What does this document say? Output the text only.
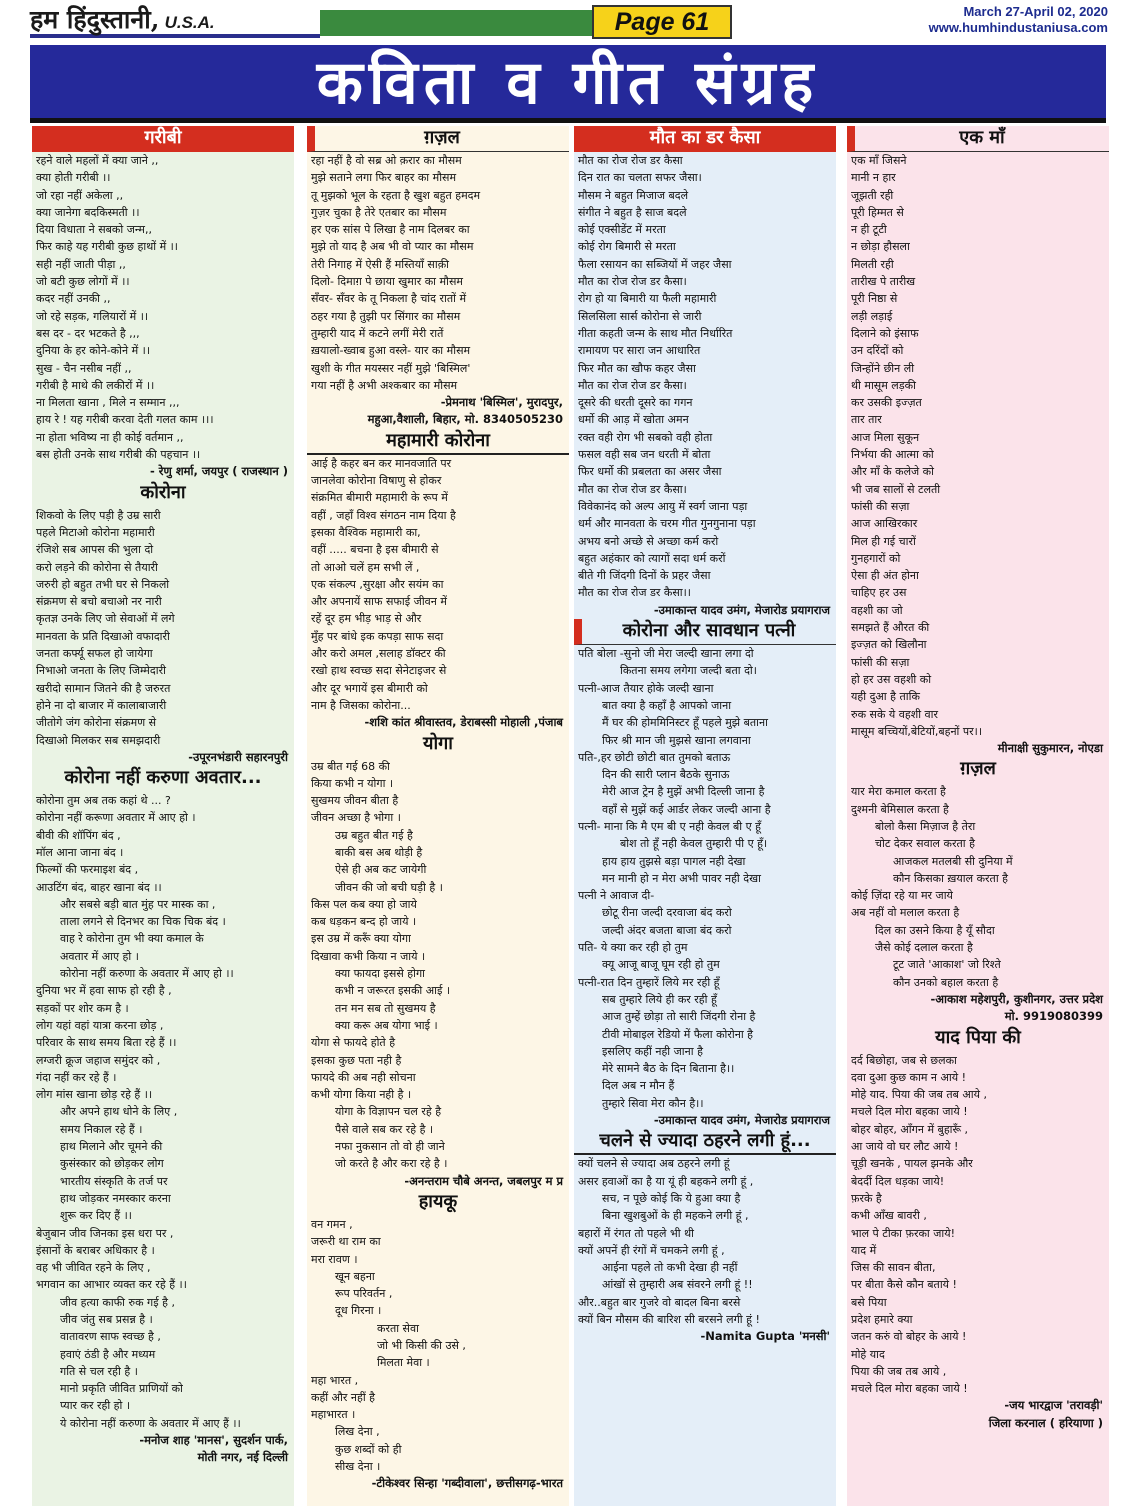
हम हिंदुस्तानी, U.S.A.	Page 61	March 27-April 02, 2020
www.humhindustaniusa.com
कविता व गीत संग्रह
गरीबी
रहने वाले महलों में क्या जाने ,,
क्या होती गरीबी ।।
जो रहा नहीं अकेला ,,
क्या जानेगा बदकिस्मती ।।
दिया विधाता ने सबको जन्म,,
फिर काहे यह गरीबी कुछ हाथों में ।।
सही नहीं जाती पीड़ा ,,
जो बटी कुछ लोगों में ।।
कदर नहीं उनकी ,,
जो रहे सड़क, गलियारों में ।।
बस दर - दर भटकते है ,,,
दुनिया के हर कोने-कोने में ।।
सुख - चैन नसीब नहीं ,,
गरीबी है माथे की लकीरों में ।।
ना मिलता खाना , मिले न सम्मान ,,,
हाय रे ! यह गरीबी करवा देती गलत काम ।।।
ना होता भविष्य ना ही कोई वर्तमान ,,
बस होती उनके साथ गरीबी की पहचान ।।
- रेणु शर्मा, जयपुर ( राजस्थान )
कोरोना
शिकवो के लिए पड़ी है उम्र सारी
पहले मिटाओ कोरोना महामारी
रंजिशे सब आपस की भुला दो
करो लड़ने की कोरोना से तैयारी
जरुरी हो बहुत तभी घर से निकलो
संक्रमण से बचो बचाओ नर नारी
कृतज्ञ उनके लिए जो सेवाओं में लगे
मानवता के प्रति दिखाओ वफादारी
जनता कर्फ्यू सफल हो जायेगा
निभाओ जनता के लिए जिम्मेदारी
खरीदो सामान जितने की है जरुरत
होने ना दो बाजार में कालाबाजारी
जीतोगे जंग कोरोना संक्रमण से
दिखाओ मिलकर सब समझदारी
-उपूरनभंडारी सहारनपुरी
कोरोना नहीं करुणा अवतार...
कोरोना तुम अब तक कहां थे ... ?
कोरोना नहीं करूणा अवतार में आए हो ।
बीवी की शॉपिंग बंद ,
मॉल आना जाना बंद ।
फिल्मों की फरमाइश बंद ,
आउटिंग बंद, बाहर खाना बंद ।।
और सबसे बड़ी बात मुंह पर मास्क का ,
ताला लगने से दिनभर का चिक चिक बंद ।
वाह रे कोरोना तुम भी क्या कमाल के
अवतार में आए हो ।
कोरोना नहीं करुणा के अवतार में आए हो ।।
दुनिया भर में हवा साफ हो रही है ,
सड़कों पर शोर कम है ।
लोग यहां वहां यात्रा करना छोड़ ,
परिवार के साथ समय बिता रहे हैं ।।
लग्जरी क्रूज जहाज समुंदर को ,
गंदा नहीं कर रहे हैं ।
लोग मांस खाना छोड़ रहे हैं ।।
और अपने हाथ धोने के लिए ,
समय निकाल रहे हैं ।
हाथ मिलाने और चूमने की
कुसंस्कार को छोड़कर लोग
भारतीय संस्कृति के तर्ज पर
हाथ जोड़कर नमस्कार करना
शुरू कर दिए हैं ।।
बेजुबान जीव जिनका इस धरा पर ,
इंसानों के बराबर अधिकार है ।
वह भी जीवित रहने के लिए ,
भगवान का आभार व्यक्त कर रहे हैं ।।
जीव हत्या काफी रुक गई है ,
जीव जंतु सब प्रसन्न है ।
वातावरण साफ स्वच्छ है ,
हवाएं ठंडी है और मध्यम
गति से चल रही है ।
मानो प्रकृति जीवित प्राणियों को
प्यार कर रही हो ।
ये कोरोना नहीं करुणा के अवतार में आए हैं ।।
-मनोज शाह 'मानस', सुदर्शन पार्क,
मोती नगर, नई दिल्ली
ग़ज़ल
रहा नहीं है वो सब्र ओ क़रार का मौसम
मुझे सताने लगा फिर बाहर का मौसम
तू मुझको भूल के रहता है खुश बहुत हमदम
गुज़र चुका है तेरे एतबार का मौसम
हर एक सांस पे लिखा है नाम दिलबर का
मुझे तो याद है अब भी वो प्यार का मौसम
तेरी निगाह में ऐसी हैं मस्तियाँ साक़ी
दिलो- दिमाग़ पे छाया खुमार का मौसम
सँवर- सँवर के तू निकला है चांद रातों में
ठहर गया है तुझी पर सिंगार का मौसम
तुम्हारी याद में कटने लगीं मेरी रातें
ख़यालो-ख्वाब हुआ वस्ले- यार का मौसम
खुशी के गीत मयस्सर नहीं मुझे 'बिस्मिल'
गया नहीं है अभी अश्कबार का मौसम
-प्रेमनाथ 'बिस्मिल', मुरादपुर,
महुआ,वैशाली, बिहार, मो. 8340505230
महामारी कोरोना
आई है कहर बन कर मानवजाति पर
जानलेवा कोरोना विषाणु से होकर
संक्रमित बीमारी महामारी के रूप में
वहीं , जहाँ विश्व संगठन नाम दिया है
इसका वैश्विक महामारी का,
वहीं ..... बचना है इस बीमारी से
तो आओ चलें हम सभी लें ,
एक संकल्प ,सुरक्षा और सयंम का
और अपनायें साफ सफाई जीवन में
रहें दूर हम भीड़ भाड़ से और
मुँह पर बांधे इक कपड़ा साफ सदा
और करो अमल ,सलाह डॉक्टर की
रखो हाथ स्वच्छ सदा सेनेटाइजर से
और दूर भगायें इस बीमारी को
नाम है जिसका कोरोना...
-शशि कांत श्रीवास्तव, डेराबस्सी मोहाली ,पंजाब
योगा
उम्र बीत गई 68 की
किया कभी न योगा ।
सुखमय जीवन बीता है
जीवन अच्छा है भोगा ।
उम्र बहुत बीत गई है
बाकी बस अब थोड़ी है
ऐसे ही अब कट जायेगी
जीवन की जो बची घड़ी है ।
किस पल कब क्या हो जाये
कब धड़कन बन्द हो जाये ।
इस उम्र में करूँ क्या योगा
दिखावा कभी किया न जाये ।
क्या फायदा इससे होगा
कभी न जरूरत इसकी आई ।
तन मन सब तो सुखमय है
क्या करू अब योगा भाई ।
योगा से फायदे होते है
इसका कुछ पता नही है
फायदे की अब नही सोचना
कभी योगा किया नही है ।
योगा के विज्ञापन चल रहे है
पैसे वाले सब कर रहे है ।
नफा नुकसान तो वो ही जाने
जो करते है और करा रहे है ।
-अनन्तराम चौबे अनन्त, जबलपुर म प्र
हायकू
वन गमन ,
जरूरी था राम का
मरा रावण ।
खून बहना
रूप परिवर्तन ,
दूध गिरना ।
करता सेवा
जो भी किसी की उसे ,
मिलता मेवा ।
महा भारत ,
कहीं और नहीं है
महाभारत ।
लिख देना ,
कुछ शब्दों को ही
सीख देना ।
-टीकेश्वर सिन्हा 'गब्दीवाला', छत्तीसगढ़-भारत
मौत का डर कैसा
मौत का रोज रोज डर कैसा
दिन रात का चलता सफर जैसा।
मौसम ने बहुत मिजाज बदले
संगीत ने बहुत है साज बदले
कोई एक्सीडेंट में मरता
कोई रोग बिमारी से मरता
फैला रसायन का सब्जियों में जहर जैसा
मौत का रोज रोज डर कैसा।
रोग हो या बिमारी या फैली महामारी
सिलसिला सार्स कोरोना से जारी
गीता कहती जन्म के साथ मौत निर्धारित
रामायण पर सारा जन आधारित
फिर मौत का खौफ कहर जैसा
मौत का रोज रोज डर कैसा।
दूसरे की धरती दूसरे का गगन
धर्मो की आड़ में खोता अमन
रक्त वही रोग भी सबको वही होता
फसल वही सब जन धरती में बोता
फिर धर्मो की प्रबलता का असर जैसा
मौत का रोज रोज डर कैसा।
विवेकानंद को अल्प आयु में स्वर्ग जाना पड़ा
धर्म और मानवता के चरम गीत गुनगुनाना पड़ा
अभय बनो अच्छे से अच्छा कर्म करो
बहुत अहंकार को त्यागों सदा धर्म करों
बीते गी जिंदगी दिनों के प्रहर जैसा
मौत का रोज रोज डर कैसा।।
-उमाकान्त यादव उमंग, मेजारोड प्रयागराज
कोरोना और सावधान पत्नी
पति बोला -सुनो जी मेरा जल्दी खाना लगा दो
कितना समय लगेगा जल्दी बता दो।
पत्नी-आज तैयार होके जल्दी खाना
बात क्या है कहाँ है आपको जाना
मैं घर की होममिनिस्टर हूँ पहले मुझे बताना
फिर श्री मान जी मुझसे खाना लगवाना
पति-,हर छोटी छोटी बात तुमको बताऊ
दिन की सारी प्लान बैठके सुनाऊ
मेरी आज ट्रेन है मुझें अभी दिल्ली जाना है
वहाँ से मुझें कई आर्डर लेकर जल्दी आना है
पत्नी- माना कि मै एम बी ए नही केवल बी ए हूँ
बोश तो हूँ नही केवल तुम्हारी पी ए हूँ।
हाय हाय तुझसे बड़ा पागल नही देखा
मन मानी हो न मेरा अभी पावर नही देखा
पत्नी ने आवाज दी-
छोटू रीना जल्दी दरवाजा बंद करो
जल्दी अंदर बजता बाजा बंद करो
पति- ये क्या कर रही हो तुम
क्यू आजू बाजू घूम रही हो तुम
पत्नी-रात दिन तुम्हारें लिये मर रही हूँ
सब तुम्हारे लिये ही कर रही हूँ
आज तुम्हें छोड़ा तो सारी जिंदगी रोना है
टीवी मोबाइल रेडियो में फैला कोरोना है
इसलिए कहीं नही जाना है
मेरे सामने बैठ के दिन बिताना है।।
दिल अब न मौन हैं
तुम्हारे सिवा मेरा कौन है।।
-उमाकान्त यादव उमंग, मेजारोड प्रयागराज
चलने से ज्यादा ठहरने लगी हूं...
क्यों चलने से ज्यादा अब ठहरने लगी हूं
असर हवाओं का है या यूं ही बहकने लगी हूं ,
सच, न पूछे कोई कि ये हुआ क्या है
बिना खुशबुओं के ही महकने लगी हूं ,
बहारों में रंगत तो पहले भी थी
क्यों अपनें ही रंगों में चमकने लगी हूं ,
आईना पहले तो कभी देखा ही नहीं
आंखों से तुम्हारी अब संवरने लगी हूं !!
और..बहुत बार गुजरे वो बादल बिना बरसे
क्यों बिन मौसम की बारिश सी बरसने लगी हूं !
-Namita Gupta 'मनसी'
एक माँ
एक माँ जिसने
मानी न हार
जूझती रही
पूरी हिम्मत से
न ही टूटी
न छोड़ा हौसला
मिलती रही
तारीख पे तारीख
पूरी निष्ठा से
लड़ी लड़ाई
दिलाने को इंसाफ
उन दरिंदों को
जिन्होंने छीन ली
थी मासूम लड़की
कर उसकी इज्ज़त
तार तार
आज मिला सुकून
निर्भया की आत्मा को
और माँ के कलेजे को
भी जब सालों से टलती
फांसी की सज़ा
आज आखिरकार
मिल ही गई चारों
गुनहगारों को
ऐसा ही अंत होना
चाहिए हर उस
वहशी का जो
समझते हैं औरत की
इज्ज़त को खिलौना
फांसी की सज़ा
हो हर उस वहशी को
यही दुआ है ताकि
रुक सके ये वहशी वार
मासूम बच्चियों,बेटियों,बहनों पर।।
मीनाक्षी सुकुमारन, नोएडा
ग़ज़ल
यार मेरा कमाल करता है
दुश्मनी बेमिसाल करता है
बोलो कैसा मिज़ाज है तेरा
चोट देकर सवाल करता है
आजकल मतलबी सी दुनिया में
कौन किसका ख़याल करता है
कोई ज़िंदा रहे या मर जाये
अब नहीं वो मलाल करता है
दिल का उसने किया है यूँ सौदा
जैसे कोई दलाल करता है
टूट जाते 'आकाश' जो रिश्ते
कौन उनको बहाल करता है
-आकाश महेशपुरी, कुशीनगर, उत्तर प्रदेश
मो. 9919080399
याद पिया की
दर्द बिछोहा, जब से छलका
दवा दुआ कुछ काम न आये !
मोहे याद. पिया की जब तब आये ,
मचले दिल मोरा बहका जाये !
बोहर बोहर, आँगन में बुहारूँ ,
आ जाये वो घर लौट आये !
चूड़ी खनके , पायल झनके और
बेदर्दी दिल धड़का जाये!
फ़रके है
कभी आँख बावरी ,
भाल पे टीका फ़रका जाये!
याद में
जिस की सावन बीता,
पर बीता कैसे कौन बताये !
बसे पिया
प्रदेश हमारे क्या
जतन करुं वो बोहर के आये !
मोहे याद
पिया की जब तब आये ,
मचले दिल मोरा बहका जाये !
-जय भारद्वाज 'तरावड़ी'
जिला करनाल ( हरियाणा )
